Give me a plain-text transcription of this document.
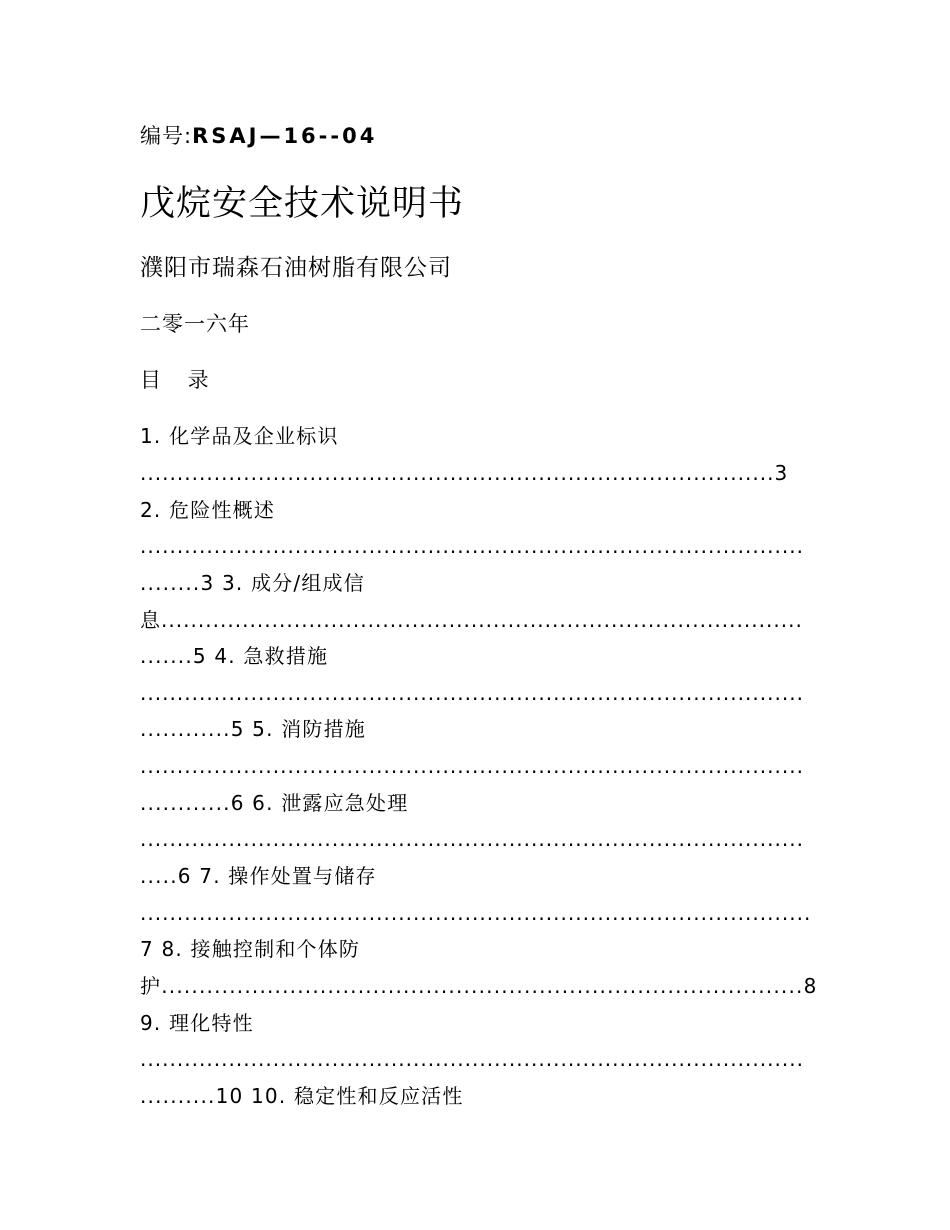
编号:RSAJ—16--04
戊烷安全技术说明书
濮阳市瑞森石油树脂有限公司
二零一六年
目 录
1. 化学品及企业标识
......................................................................................3
2. 危险性概述
..........................................................................................
........3 3. 成分/组成信
息.......................................................................................
.......5 4. 急救措施
..........................................................................................
............5 5. 消防措施
..........................................................................................
............6 6. 泄露应急处理
..........................................................................................
.....6 7. 操作处置与储存
...........................................................................................
7 8. 接触控制和个体防
护.....................................................................................8
9. 理化特性
..........................................................................................
..........10 10. 稳定性和反应活性
